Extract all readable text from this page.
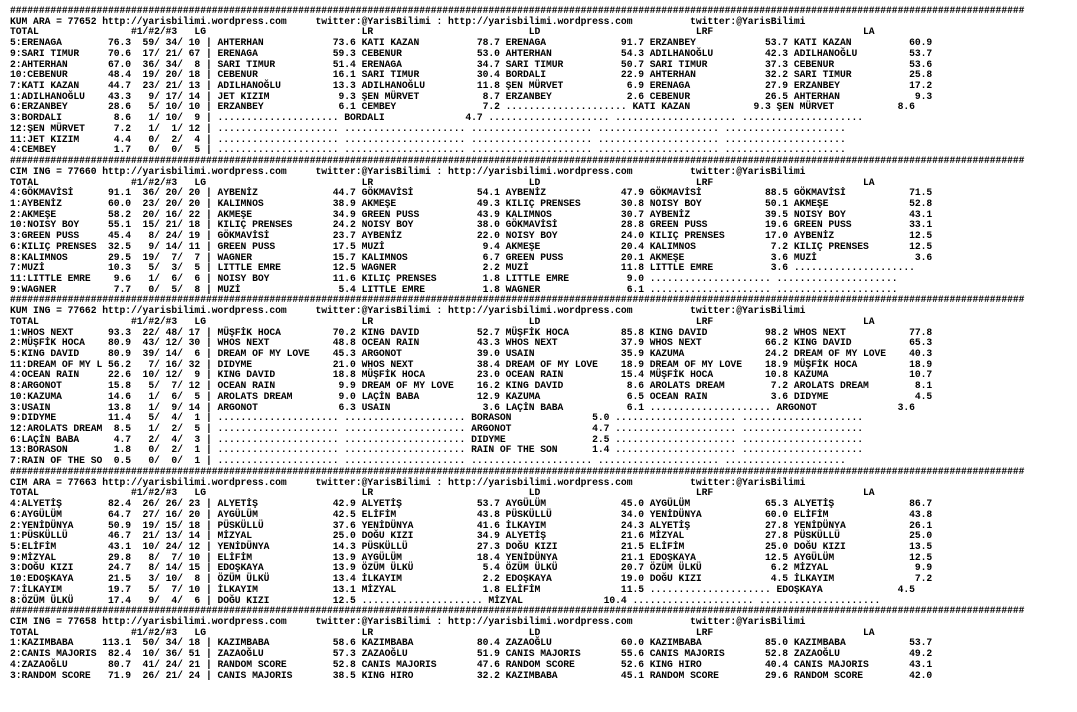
################################################################################################################################################################################
KUM ARA = 77652 http://yarisbilimi.wordpress.com     twitter:@YarisBilimi : http://yarisbilimi.wordpress.com          twitter:@YarisBilimi
TOTAL                #1/#2/#3   LG                           LR                           LD                           LRF                          LA
5:ERENAGA        76.3  59/ 34/ 10 | AHTERHAN            73.6 KATI KAZAN          78.7 ERENAGA             91.7 ERZANBEY            53.7 KATI KAZAN          60.9
9:SARI TIMUR     70.6  17/ 21/ 67 | ERENAGA             59.3 CEBENUR             53.0 AHTERHAN            54.3 ADILHANOĞLU         42.3 ADILHANOĞLU         53.7
2:AHTERHAN       67.0  36/ 34/  8 | SARI TIMUR          51.4 ERENAGA             34.7 SARI TIMUR          50.7 SARI TIMUR          37.3 CEBENUR             53.6
10:CEBENUR       48.4  19/ 20/ 18 | CEBENUR             16.1 SARI TIMUR          30.4 BORDALI             22.9 AHTERHAN            32.2 SARI TIMUR          25.8
7:KATI KAZAN     44.7  23/ 21/ 13 | ADILHANOĞLU         13.3 ADILHANOĞLU         11.8 ŞEN MÜRVET           6.9 ERENAGA             27.9 ERZANBEY            17.2
1:ADILHANOĞLU    43.3   9/ 17/ 14 | JET KIZIM            9.3 ŞEN MÜRVET           8.7 ERZANBEY             2.6 CEBENUR             26.5 AHTERHAN             9.3
6:ERZANBEY       28.6   5/ 10/ 10 | ERZANBEY             6.1 CEMBEY               7.2 ..................... KATI KAZAN           9.3 ŞEN MÜRVET           8.6
3:BORDALI         8.6   1/ 10/  9 | ..................... BORDALI              4.7 ..................... ..................... .....................
12:ŞEN MÜRVET     7.2   1/  1/ 12 | ..................... ..................... ..................... ..................... .....................
11:JET KIZIM      4.4   0/  2/  4 | ..................... ..................... ..................... ..................... .....................
4:CEMBEY          1.7   0/  0/  5 | ..................... ..................... ..................... ..................... .....................
################################################################################################################################################################################
CIM ING = 77660 http://yarisbilimi.wordpress.com     twitter:@YarisBilimi : http://yarisbilimi.wordpress.com          twitter:@YarisBilimi
TOTAL                #1/#2/#3   LG                           LR                           LD                           LRF                          LA
4:GÖKMAVİSİ      91.1  36/ 20/ 20 | AYBENİZ             44.7 GÖKMAVİSİ           54.1 AYBENİZ             47.9 GÖKMAVİSİ           88.5 GÖKMAVİSİ           71.5
1:AYBENİZ        60.0  23/ 20/ 20 | KALIMNOS            38.9 AKMEŞE              49.3 KILIÇ PRENSES       30.8 NOISY BOY           50.1 AKMEŞE              52.8
2:AKMEŞE         58.2  20/ 16/ 22 | AKMEŞE              34.9 GREEN PUSS          43.9 KALIMNOS            30.7 AYBENİZ             39.5 NOISY BOY           43.1
10:NOISY BOY     55.1  15/ 21/ 18 | KILIÇ PRENSES       24.2 NOISY BOY           38.0 GÖKMAVİSİ           28.8 GREEN PUSS          19.6 GREEN PUSS          33.1
3:GREEN PUSS     45.4   8/ 24/ 19 | GÖKMAVİSİ           23.7 AYBENİZ             22.0 NOISY BOY           24.0 KILIÇ PRENSES       17.0 AYBENİZ             12.5
6:KILIÇ PRENSES  32.5   9/ 14/ 11 | GREEN PUSS          17.5 MUZİ                 9.4 AKMEŞE              20.4 KALIMNOS             7.2 KILIÇ PRENSES       12.5
8:KALIMNOS       29.5  19/  7/  7 | WAGNER              15.7 KALIMNOS             6.7 GREEN PUSS          20.1 AKMEŞE               3.6 MUZİ                 3.6
7:MUZİ           10.3   5/  3/  5 | LITTLE EMRE         12.5 WAGNER               2.2 MUZİ                11.8 LITTLE EMRE          3.6 .....................
11:LITTLE EMRE    9.6   1/  6/  6 | NOISY BOY           11.6 KILIÇ PRENSES        1.8 LITTLE EMRE          9.0 ..................... .....................
9:WAGNER          7.7   0/  5/  8 | MUZİ                 5.4 LITTLE EMRE          1.8 WAGNER               6.1 ..................... .....................
################################################################################################################################################################################
KUM ING = 77662 http://yarisbilimi.wordpress.com     twitter:@YarisBilimi : http://yarisbilimi.wordpress.com          twitter:@YarisBilimi
TOTAL                #1/#2/#3   LG                           LR                           LD                           LRF                          LA
1:WHOS NEXT      93.3  22/ 48/ 17 | MÜŞFİK HOCA         70.2 KING DAVID          52.7 MÜŞFİK HOCA         85.8 KING DAVID          98.2 WHOS NEXT           77.8
2:MÜŞFİK HOCA    80.9  43/ 12/ 30 | WHOS NEXT           48.8 OCEAN RAIN          43.3 WHOS NEXT           37.9 WHOS NEXT           66.2 KING DAVID          65.3
5:KING DAVID     80.9  39/ 14/  6 | DREAM OF MY LOVE    45.3 ARGONOT             39.0 USAIN               35.9 KAZUMA              24.2 DREAM OF MY LOVE    40.3
11:DREAM OF MY L 56.2   7/ 16/ 32 | DIDYME              21.0 WHOS NEXT           38.4 DREAM OF MY LOVE    18.9 DREAM OF MY LOVE    18.9 MÜŞFİK HOCA         18.9
4:OCEAN RAIN     22.6  10/ 12/  9 | KING DAVID          18.8 MÜŞFİK HOCA         23.0 OCEAN RAIN          15.4 MÜŞFİK HOCA         10.8 KAZUMA              10.7
8:ARGONOT        15.8   5/  7/ 12 | OCEAN RAIN           9.9 DREAM OF MY LOVE    16.2 KING DAVID           8.6 AROLATS DREAM        7.2 AROLATS DREAM        8.1
10:KAZUMA        14.6   1/  6/  5 | AROLATS DREAM        9.0 LAÇİN BABA          12.9 KAZUMA               6.5 OCEAN RAIN           3.6 DIDYME               4.5
3:USAIN          13.8   1/  9/ 14 | ARGONOT              6.3 USAIN                3.6 LAÇİN BABA           6.1 ..................... ARGONOT              3.6
9:DIDYME         11.4   5/  4/  1 | ..................... ..................... BORASON              5.0 ..................... .....................
12:AROLATS DREAM  8.5   1/  2/  5 | ..................... ..................... ARGONOT              4.7 ..................... .....................
6:LAÇİN BABA      4.7   2/  4/  3 | ..................... ..................... DIDYME               2.5 ..................... .....................
13:BORASON        1.8   0/  2/  1 | ..................... ..................... RAIN OF THE SON      1.4 ..................... .....................
7:RAIN OF THE SO  0.5   0/  0/  1 | ..................... ..................... ..................... ..................... .....................
################################################################################################################################################################################
CIM ARA = 77663 http://yarisbilimi.wordpress.com     twitter:@YarisBilimi : http://yarisbilimi.wordpress.com          twitter:@YarisBilimi
TOTAL                #1/#2/#3   LG                           LR                           LD                           LRF                          LA
4:ALYETİŞ        82.4  26/ 26/ 23 | ALYETİŞ             42.9 ALYETİŞ             53.7 AYGÜLÜM             45.0 AYGÜLÜM             65.3 ALYETİŞ             86.7
6:AYGÜLÜM        64.7  27/ 16/ 20 | AYGÜLÜM             42.5 ELİFİM              43.8 PÜSKÜLLÜ            34.0 YENİDÜNYA           60.0 ELİFİM              43.8
2:YENİDÜNYA      50.9  19/ 15/ 18 | PÜSKÜLLÜ            37.6 YENİDÜNYA           41.6 İLKAYIM             24.3 ALYETİŞ             27.8 YENİDÜNYA           26.1
1:PÜSKÜLLÜ       46.7  21/ 13/ 14 | MİZYAL              25.0 DOĞU KIZI           34.9 ALYETİŞ             21.6 MİZYAL              27.8 PÜSKÜLLÜ            25.0
5:ELİFİM         43.1  10/ 24/ 12 | YENİDÜNYA           14.3 PÜSKÜLLÜ            27.3 DOĞU KIZI           21.5 ELİFİM              25.0 DOĞU KIZI           13.5
9:MİZYAL         29.8   8/  7/ 10 | ELİFİM              13.9 AYGÜLÜM             18.4 YENİDÜNYA           21.1 EDOŞKAYA            12.5 AYGÜLÜM             12.5
3:DOĞU KIZI      24.7   8/ 14/ 15 | EDOŞKAYA            13.9 ÖZÜM ÜLKÜ            5.4 ÖZÜM ÜLKÜ           20.7 ÖZÜM ÜLKÜ            6.2 MİZYAL               9.9
10:EDOŞKAYA      21.5   3/ 10/  8 | ÖZÜM ÜLKÜ           13.4 İLKAYIM              2.2 EDOŞKAYA            19.0 DOĞU KIZI            4.5 İLKAYIM              7.2
7:İLKAYIM        19.7   5/  7/ 10 | İLKAYIM             13.1 MİZYAL               1.8 ELİFİM              11.5 ..................... EDOŞKAYA             4.5
8:ÖZÜM ÜLKÜ      17.4   9/  4/  6 | DOĞU KIZI           12.5 ..................... MİZYAL              10.4 ..................... .....................
################################################################################################################################################################################
CIM ING = 77658 http://yarisbilimi.wordpress.com     twitter:@YarisBilimi : http://yarisbilimi.wordpress.com          twitter:@YarisBilimi
TOTAL                #1/#2/#3   LG                           LR                           LD                           LRF                          LA
1:KAZIMBABA     113.1  50/ 34/ 18 | KAZIMBABA           58.6 KAZIMBABA           80.4 ZAZAOĞLU            60.0 KAZIMBABA           85.0 KAZIMBABA           53.7
2:CANIS MAJORIS  82.4  10/ 36/ 51 | ZAZAOĞLU            57.3 ZAZAOĞLU            51.9 CANIS MAJORIS       55.6 CANIS MAJORIS       52.8 ZAZAOĞLU            49.2
4:ZAZAOĞLU       80.7  41/ 24/ 21 | RANDOM SCORE        52.8 CANIS MAJORIS       47.6 RANDOM SCORE        52.6 KING HIRO           40.4 CANIS MAJORIS       43.1
3:RANDOM SCORE   71.9  26/ 21/ 24 | CANIS MAJORIS       38.5 KING HIRO           32.2 KAZIMBABA           45.1 RANDOM SCORE        29.6 RANDOM SCORE        42.0
